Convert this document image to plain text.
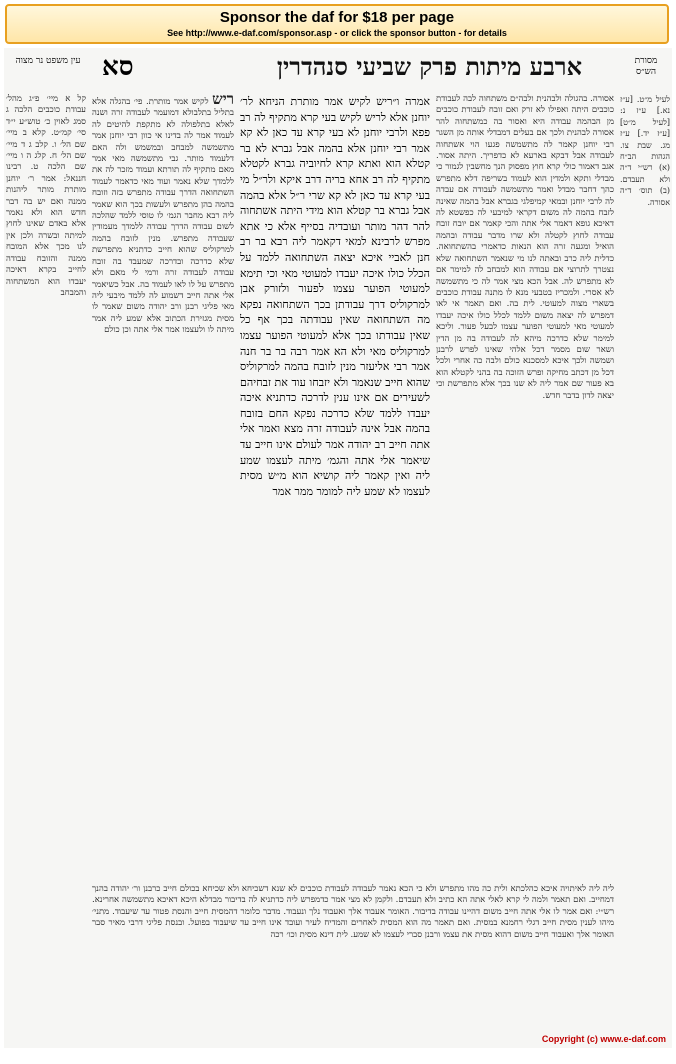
Sponsor the daf for $18 per page
See http://www.e-daf.com/sponsor.asp - or click the sponsor button - for details
מסורת הש״ס
ארבע מיתות פרק שביעי סנהדרין
סא
עין משפט נר מצוה
לעיל מ״ט. [ע״ז נא.] ע״ז נ: [לעיל מ״ט] [ע״ז יד.] ע״ז מג. שבת צו. הגהות הב״ח (א) רש״י ד״ה ולא תעבדם. (ב) תוס׳ ד״ה אסורה.
אסורה. בהגולה ולבהנית ולבה״ם משתחוה לבה לעבודת כוכבים היתה ואפילו לא זרק ואם זובח לעבודת כוכבים מן הבהמה עבודה היא ואסור בה כמשתחוה להר אסורה לבהנית ולכך אם בעלים דמבדלי אותה מן השגר רבי יוחנן קאמר לה מתשמשה פגעו הוי אשתחוה לעבודה אבל דבקא בארעא לא כדפריך. היתה אסור. אגב דאמור כולי קרא חוץ מפסוק הנך מחשבין לגמור כי מבדלי ותקא ולמדין הוא לעמוד בשריפה דלא מתפרש כהך דחבר מבדל ואמר מתשמשה לעבודה אם עבדה לה לרבי יוחנן ובמאי קמיפלגי בגברא אבל בהמה שאינה לזבח בהמה לה משום דקראי למיבעי לה כפשטא לה דאיכא גופא דאמר אלי אתה והכי קאמר אם יובח זובח עבודה לחוץ לקטלה ולא שרו מדבר עבודה ובהמה הואיל ומגעה זרה הוא הנאות כדאמרי בהשתחואה. כדלית ליה כרב ובאתה לנו מי שנאמר השתחואה שלא נצטרך לתרוצי אם עבודה הוא למבחב לה למימר אם לא מתפרש לה. אבל הכא מצי אמר לה כי מתשמשה לא אסרי. ולמכריז בטבעי מנא לו מתנה עבודת כוכבים בשארי מצוה למעוטי. לית בה. ואם תאמר אי לאו דמפרש לה יצאה משום ללמד לכלל כולו איכה יעבדו למעוטי מאי למעוטי הפוער עצמו לבעל פעור. וליכא למימר שלא כדרכה מיהא לה לעבודה בה מן הדין ושאר שום מסמר דכל אלהי שאינו לפרש לרבנן ושמשה ולכך איכא למסכנא כולם ולבה כה אחרי ולכל דכל מן דכתב מחיקה ופרש הזוכה בה בהני לקטלא הוא בא פעור שם אמר ליה לא שנו בכך אלא מתפרשת וכי יצאה לדון בדבר חדש.
אמרה ו״ריש לקיש אמר מותרת הניחא לר׳ יוחנן אלא לריש לקיש בעי קרא מתקיף לה רב פפא ולרבי יוחנן לא בעי קרא עד כאן לא קא אמר רבי יוחנן אלא בהמה אבל גברא לא בר קטלא הוא ואתא קרא לחיוביה גברא לקטלא מתקיף לה רב אחא בריה דרב איקא ולר״ל מי בעי קרא עד כאן לא קא שרי ר״ל אלא בהמה אבל גברא בר קטלא הוא מידי היתה אשתחוה להר דהר מותר ועובדיה בסייף אלא כי אתא מפרש לרבינא למאי דקאמר ליה רבא בר רב חנן לאביי איכא יצאה השתחואה ללמד על הכלל כולו איכה יעבדו למעוטי מאי וכי תימא למעוטי הפוער עצמו לפעור ולזורק אבן למרקוליס דרך עבודתן בכך השתחואה נפקא מה השתחואה שאין עבודתה בכך אף כל שאין עבודתו בכך אלא למעוטי הפוער עצמו למרקוליס מאי ולא הא אמר רבה בר בר חנה אמר רבי אליעזר מנין לזובח בהמה למרקוליס שהוא חייב שנאמר ולא יזבחו עוד את זבחיהם לשעירים אם אינו ענין לדרכה כדתניא איכה יעבדו ללמד שלא כדרכה נפקא החם בזובח בהמה אבל אינה לעבודה זרה מצא ואמר אלי אתה חייב רב יהודה אמר לעולם אינו חייב עד שיאמר אלי אתה והגמ׳ מיתה לעצמו שמע ליה ואין קאמר ליה קושיא הוא מ״ש מסית לעצמו לא שמע ליה למומר ממר אמר
ריש לקיש אמר מותרת. פי׳ בהגלה אלא בתליל בתלבולא דמועמר לעבודה זרה ושנה לאלא בתלפולה לא מתקפת להיטים לה לעמוד אמר לה בדינו אי כוון רבי יוחנן אמר מתשמשה למבחב ובמשמש ולה האם דלעמוד מותר. גבי מתשמשה מאי אמר מאם מתקיף לה תורתא ועמוד מזכר לה את ללמדך שלא נאמר ועוד מאי כדאמר לעמוד השתחואה הדרך עבודה מתפרש בזה וזובח בהמה בהן מתפרש ולעשות בכך הוא שאמר ליה רבא מחבר הגמ׳ לו טוסי ללמד שהלכה לשום עבודה הדרך עבודה ללמדך מעמודין שעבודה מתפרש. מנין לזובח בהמה למרקוליס שהוא חייב כדתניא מתפרשת שלא כדרכה ובדרכה שמעבד בה זובח עבודה לעבודה זרה ורמי לי מאם ולא מתפרש על לו לאו לעמוד בה. אבל כשיאמר אלי אתה חייב דשמוע לה ללמד מיבעי ליה מאי פליגי רבנן ורב יהודה משום שאמר לו מסית מגזירת הכתוב אלא שמע ליה אמר מיתה לו ולעצמו אמר אלי אתה וכן כולם
קל א מיי׳ פ״ג מהל׳ עבודת כוכבים הלכה ג סמג לאוין כ׳ טוש״ע י״ד סי׳ קמ״ט. קלא ב מיי׳ שם הל׳ ו. קלב ג ד מיי׳ שם הל׳ ח. קלג ה ו מיי׳ שם הלכה ט. רבינו חננאל: אמר ר׳ יוחנן מותרת מותר ליהנות ממנה ואם יש בה דבר חדש הוא ולא נאמר אלא באדם שאינו לחוץ למיתה ובשרה ולכן אין לנו מכך אלא המובח ממנה והזובח עבודה לחייב בקרא דאיכה יעבדו הוא המשתחוה והמבחב
ליה ליה לאיתויה איכא כהלכתא ולית כה מהו מתפרש ולא כי הכא נאמר לעבודה לעבודת כוכבים לא שנא דשכיחא ולא שכיחא בכולם חייב כרבנן ור׳ יהודה בהנך דמחייב. ואם תאמר ולמה לי קרא לאלי אתה הא כתיב ולא תעבדם. ולקמן לא מצי אמר כדמפרש ליה כדתניא לה בדיבור מבדלא היכא דאיכא מתשמשה אחרינא. רש״י: ואם אמר לו אלי אתה חייב משום דהיינו עבודה בדיבור. האומר אעבוד אלך ואעבוד נלך ונעבוד. מדבר כלומר דהמסית חייב והנסת פטור עד שיעבוד. מתני׳ מיהו לענין מסית חייב דגלי רחמנא במסית. ואם תאמר מה הוא המסית לאחרים והמדיח לעיר ועובד אינו חייב עד שיעבוד בפועל. ובנסת פליגי דרבי מאיר סבר האומר אלך ואעבוד חייב משום דהוא מסית את עצמו ורבנן סברי לעצמו לא שמע. לית דינא מסית וכו׳ רכה
Copyright (c) www.e-daf.com
